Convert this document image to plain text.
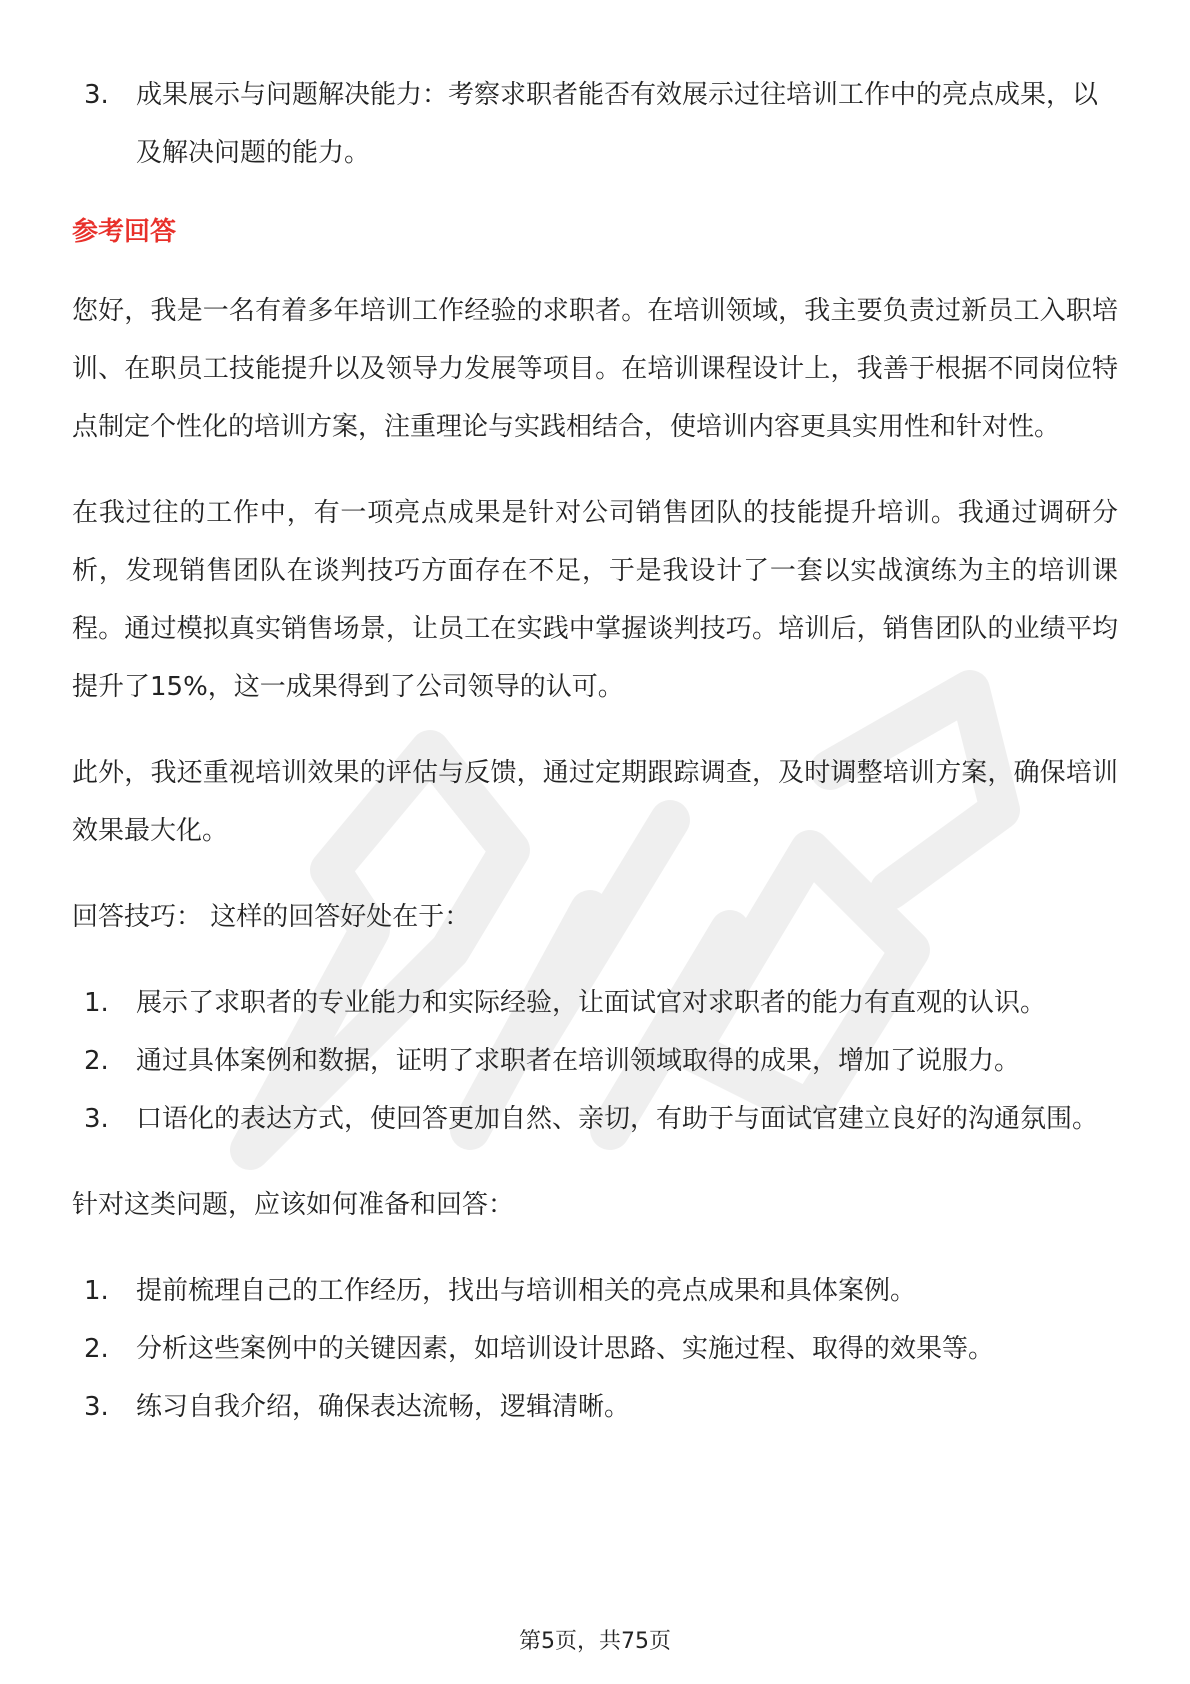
3.	成果展示与问题解决能力：考察求职者能否有效展示过往培训工作中的亮点成果，以及解决问题的能力。
参考回答

您好，我是一名有着多年培训工作经验的求职者。在培训领域，我主要负责过新员工入职培训、在职员工技能提升以及领导力发展等项目。在培训课程设计上，我善于根据不同岗位特点制定个性化的培训方案，注重理论与实践相结合，使培训内容更具实用性和针对性。

在我过往的工作中，有一项亮点成果是针对公司销售团队的技能提升培训。我通过调研分析，发现销售团队在谈判技巧方面存在不足，于是我设计了一套以实战演练为主的培训课程。通过模拟真实销售场景，让员工在实践中掌握谈判技巧。培训后，销售团队的业绩平均提升了15%，这一成果得到了公司领导的认可。

此外，我还重视培训效果的评估与反馈，通过定期跟踪调查，及时调整培训方案，确保培训效果最大化。

回答技巧： 这样的回答好处在于：

1.	展示了求职者的专业能力和实际经验，让面试官对求职者的能力有直观的认识。
2.	通过具体案例和数据，证明了求职者在培训领域取得的成果，增加了说服力。
3.	口语化的表达方式，使回答更加自然、亲切，有助于与面试官建立良好的沟通氛围。

针对这类问题，应该如何准备和回答：

1.	提前梳理自己的工作经历，找出与培训相关的亮点成果和具体案例。
2.	分析这些案例中的关键因素，如培训设计思路、实施过程、取得的效果等。
3.	练习自我介绍，确保表达流畅，逻辑清晰。
第5页，共75页
